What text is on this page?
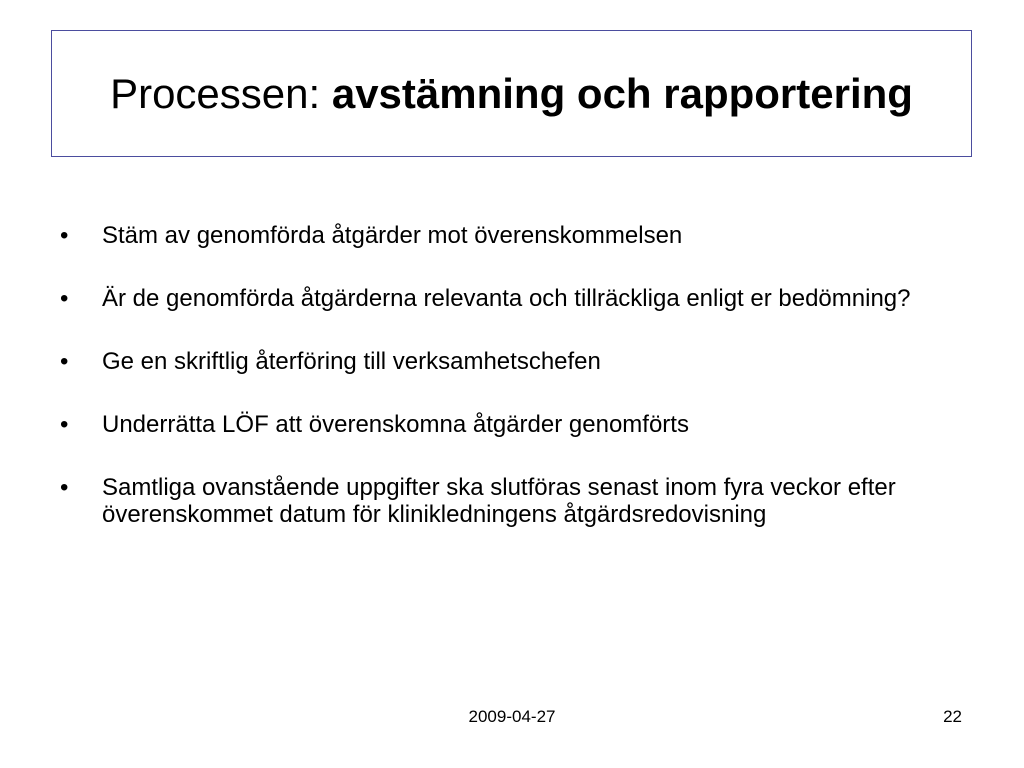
Processen: avstämning och rapportering
•	Stäm av genomförda åtgärder mot överenskommelsen
•	Är de genomförda åtgärderna relevanta och tillräckliga enligt er bedömning?
•	Ge en skriftlig återföring till verksamhetschefen
•	Underrätta LÖF att överenskomna åtgärder genomförts
•	Samtliga ovanstående uppgifter ska slutföras senast inom fyra veckor efter överenskommet datum för klinikledningens åtgärdsredovisning
2009-04-27	22
